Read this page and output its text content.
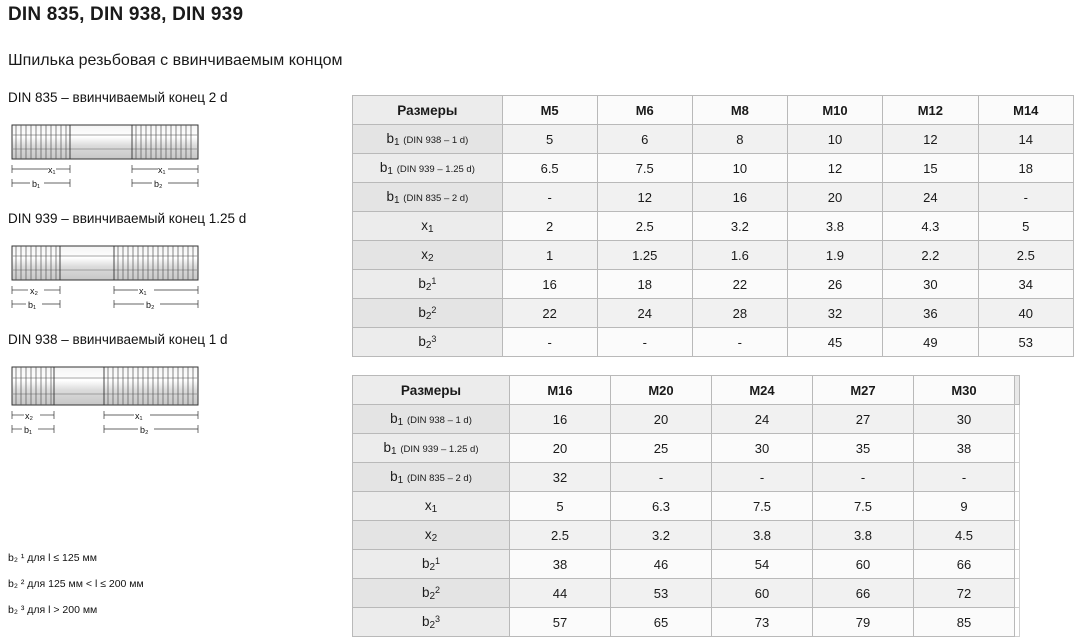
DIN 835, DIN 938, DIN 939
Шпилька резьбовая с ввинчиваемым концом
DIN 835 – ввинчиваемый конец 2 d
x₁	x₁
b₁	b₂
DIN 939 – ввинчиваемый конец 1.25 d
x₂	x₁
b₁	b₂
DIN 938 – ввинчиваемый конец 1 d
x₂	x₁
b₁	b₂
b₂ ¹ для l ≤ 125 мм
b₂ ² для 125 мм < l ≤ 200 мм
b₂ ³ для l > 200 мм
Размеры	M5	M6	M8	M10	M12	M14
$b_1$ (DIN 938 – 1 d)	5	6	8	10	12	14
$b_1$ (DIN 939 – 1.25 d)	6.5	7.5	10	12	15	18
$b_1$ (DIN 835 – 2 d)	-	12	16	20	24	-
$x_1$	2	2.5	3.2	3.8	4.3	5
$x_2$	1	1.25	1.6	1.9	2.2	2.5
$b_2^1$	16	18	22	26	30	34
$b_2^2$	22	24	28	32	36	40
$b_2^3$	-	-	-	45	49	53
Размеры	M16	M20	M24	M27	M30	
$b_1$ (DIN 938 – 1 d)	16	20	24	27	30	
$b_1$ (DIN 939 – 1.25 d)	20	25	30	35	38	
$b_1$ (DIN 835 – 2 d)	32	-	-	-	-	
$x_1$	5	6.3	7.5	7.5	9	
$x_2$	2.5	3.2	3.8	3.8	4.5	
$b_2^1$	38	46	54	60	66	
$b_2^2$	44	53	60	66	72	
$b_2^3$	57	65	73	79	85	
